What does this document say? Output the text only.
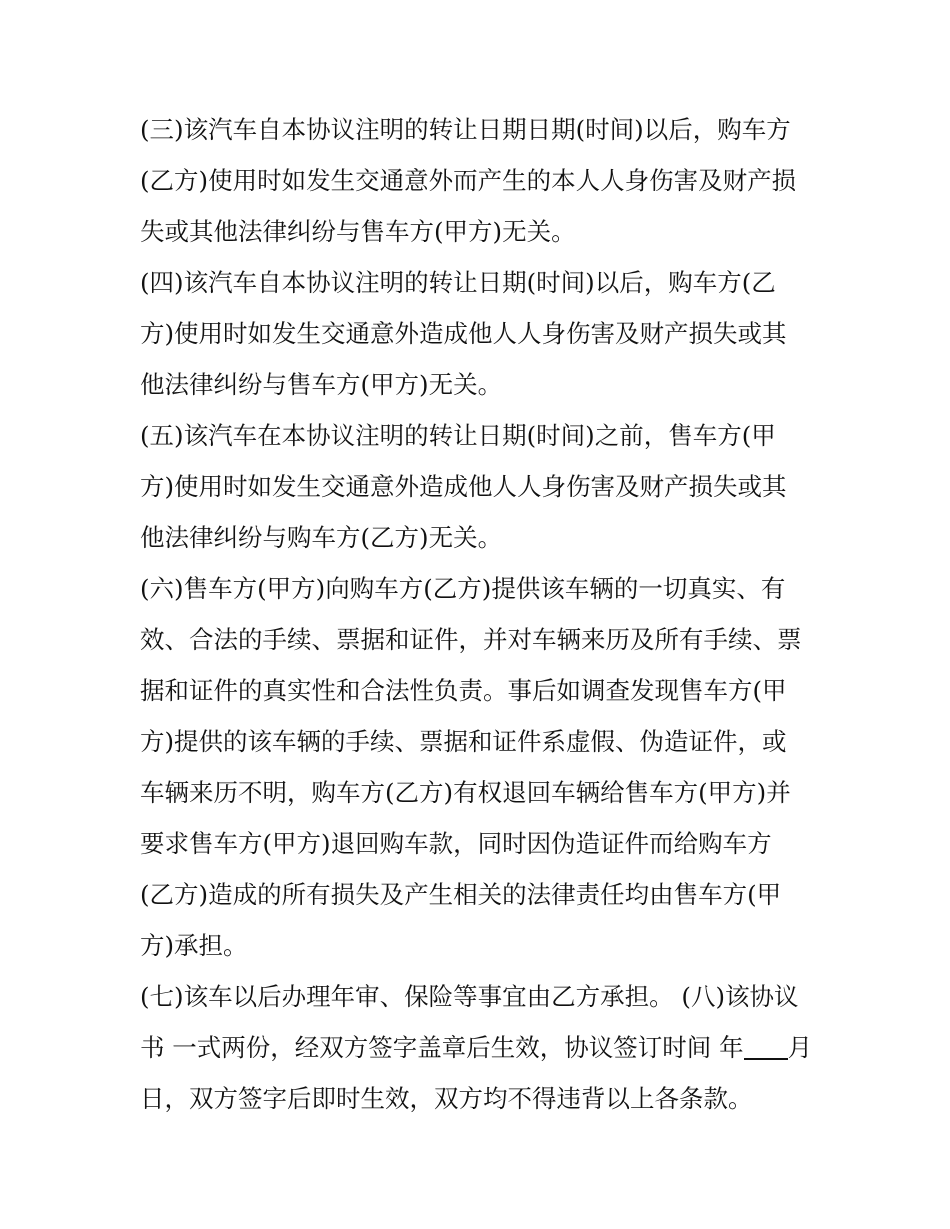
(三)该汽车自本协议注明的转让日期日期(时间)以后，购车方
(乙方)使用时如发生交通意外而产生的本人人身伤害及财产损
失或其他法律纠纷与售车方(甲方)无关。
(四)该汽车自本协议注明的转让日期(时间)以后，购车方(乙
方)使用时如发生交通意外造成他人人身伤害及财产损失或其
他法律纠纷与售车方(甲方)无关。
(五)该汽车在本协议注明的转让日期(时间)之前，售车方(甲
方)使用时如发生交通意外造成他人人身伤害及财产损失或其
他法律纠纷与购车方(乙方)无关。
(六)售车方(甲方)向购车方(乙方)提供该车辆的一切真实、有
效、合法的手续、票据和证件，并对车辆来历及所有手续、票
据和证件的真实性和合法性负责。事后如调查发现售车方(甲
方)提供的该车辆的手续、票据和证件系虚假、伪造证件，或
车辆来历不明，购车方(乙方)有权退回车辆给售车方(甲方)并
要求售车方(甲方)退回购车款，同时因伪造证件而给购车方
(乙方)造成的所有损失及产生相关的法律责任均由售车方(甲
方)承担。
(七)该车以后办理年审、保险等事宜由乙方承担。 (八)该协议
书 一式两份，经双方签字盖章后生效，协议签订时间 年 月
日，双方签字后即时生效，双方均不得违背以上各条款。
